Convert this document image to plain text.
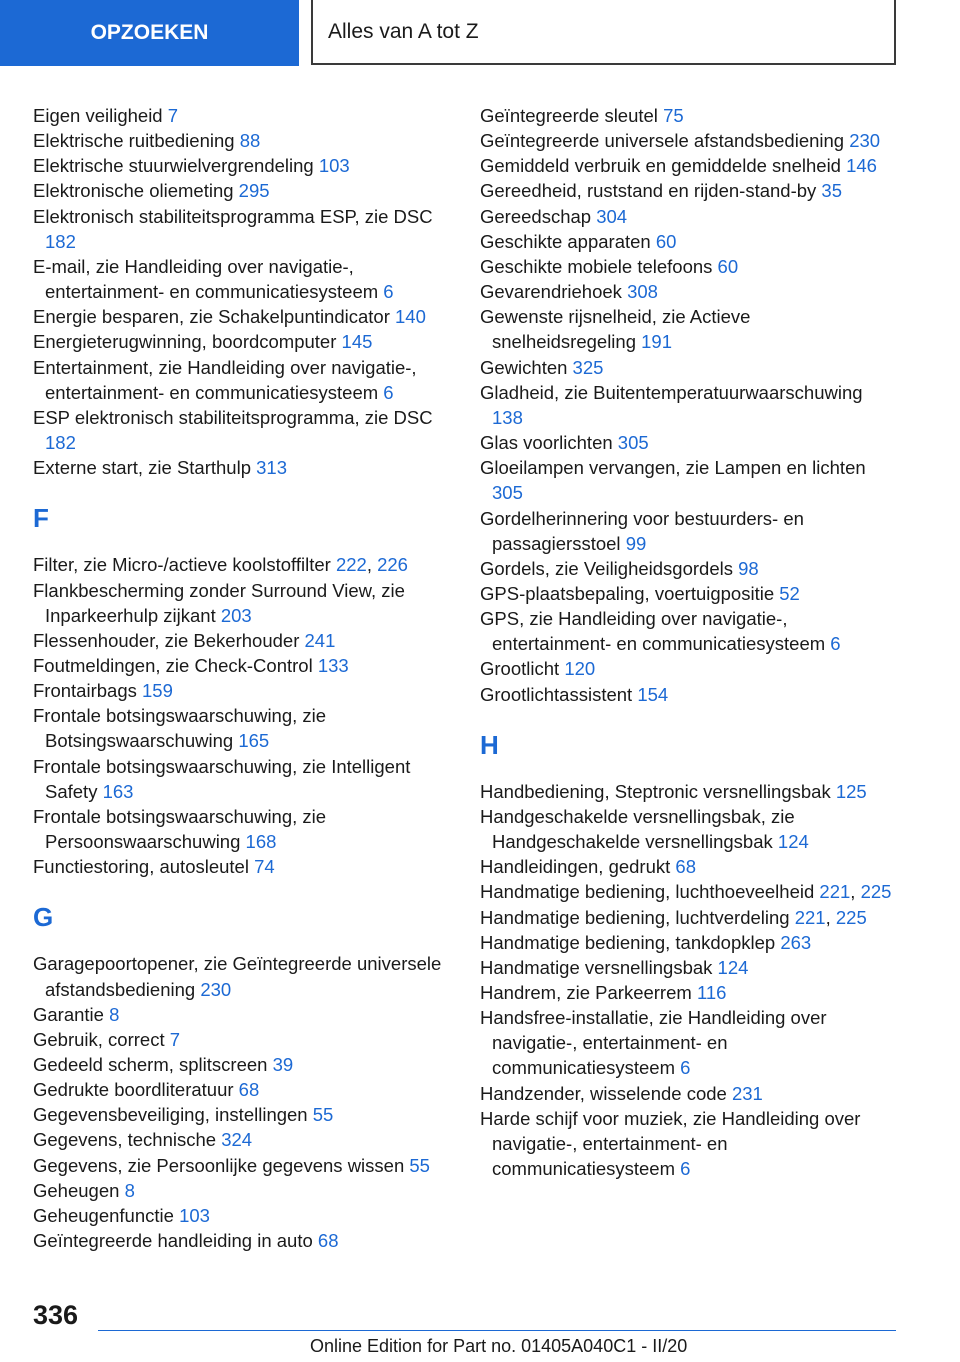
OPZOEKEN	Alles van A tot Z
Eigen veiligheid 7
Elektrische ruitbediening 88
Elektrische stuurwielvergrendeling 103
Elektronische oliemeting 295
Elektronisch stabiliteitsprogramma ESP, zie DSC 182
E-mail, zie Handleiding over navigatie-, entertainment- en communicatiesysteem 6
Energie besparen, zie Schakelpuntindicator 140
Energieterugwinning, boordcomputer 145
Entertainment, zie Handleiding over navigatie-, entertainment- en communicatiesysteem 6
ESP elektronisch stabiliteitsprogramma, zie DSC 182
Externe start, zie Starthulp 313
F
Filter, zie Micro-/actieve koolstoffilter 222, 226
Flankbescherming zonder Surround View, zie Inparkeerhulp zijkant 203
Flessenhouder, zie Bekerhouder 241
Foutmeldingen, zie Check-Control 133
Frontairbags 159
Frontale botsingswaarschuwing, zie Botsingswaarschuwing 165
Frontale botsingswaarschuwing, zie Intelligent Safety 163
Frontale botsingswaarschuwing, zie Persoonswaarschuwing 168
Functiestoring, autosleutel 74
G
Garagepoortopener, zie Geïntegreerde universele afstandsbediening 230
Garantie 8
Gebruik, correct 7
Gedeeld scherm, splitscreen 39
Gedrukte boordliteratuur 68
Gegevensbeveiliging, instellingen 55
Gegevens, technische 324
Gegevens, zie Persoonlijke gegevens wissen 55
Geheugen 8
Geheugenfunctie 103
Geïntegreerde handleiding in auto 68
Geïntegreerde sleutel 75
Geïntegreerde universele afstandsbediening 230
Gemiddeld verbruik en gemiddelde snelheid 146
Gereedheid, ruststand en rijden-stand-by 35
Gereedschap 304
Geschikte apparaten 60
Geschikte mobiele telefoons 60
Gevarendriehoek 308
Gewenste rijsnelheid, zie Actieve snelheidsregeling 191
Gewichten 325
Gladheid, zie Buitentemperatuurwaarschuwing 138
Glas voorlichten 305
Gloeilampen vervangen, zie Lampen en lichten 305
Gordelherinnering voor bestuurders- en passagiersstoel 99
Gordels, zie Veiligheidsgordels 98
GPS-plaatsbepaling, voertuigpositie 52
GPS, zie Handleiding over navigatie-, entertainment- en communicatiesysteem 6
Grootlicht 120
Grootlichtassistent 154
H
Handbediening, Steptronic versnellingsbak 125
Handgeschakelde versnellingsbak, zie Handgeschakelde versnellingsbak 124
Handleidingen, gedrukt 68
Handmatige bediening, luchthoeveelheid 221, 225
Handmatige bediening, luchtverdeling 221, 225
Handmatige bediening, tankdopklep 263
Handmatige versnellingsbak 124
Handrem, zie Parkeerrem 116
Handsfree-installatie, zie Handleiding over navigatie-, entertainment- en communicatiesysteem 6
Handzender, wisselende code 231
Harde schijf voor muziek, zie Handleiding over navigatie-, entertainment- en communicatiesysteem 6
336
Online Edition for Part no. 01405A040C1 - II/20
